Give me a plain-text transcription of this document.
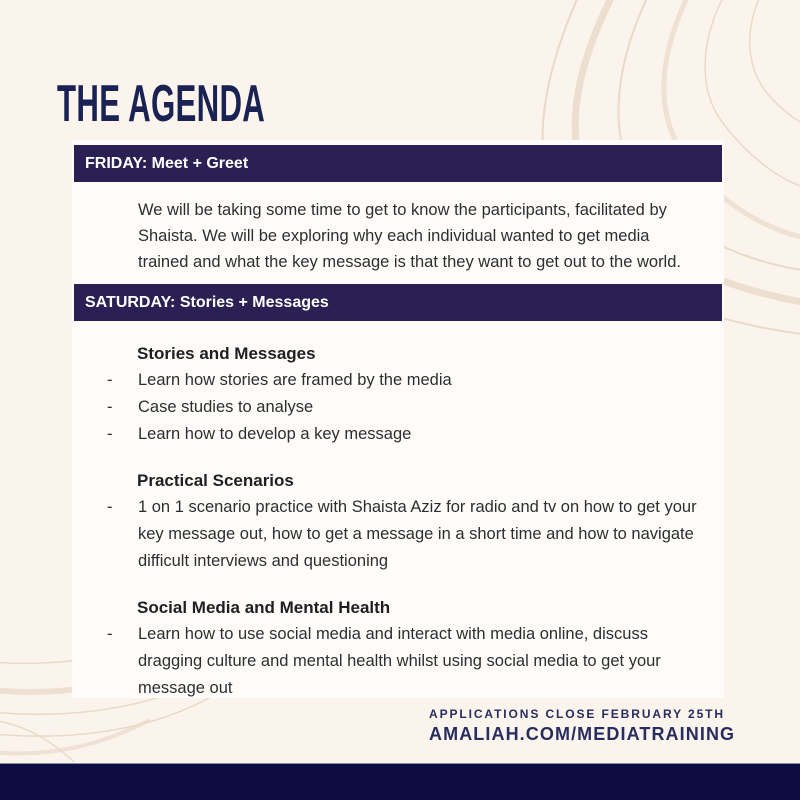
THE AGENDA
FRIDAY: Meet + Greet

We will be taking some time to get to know the participants, facilitated by Shaista. We will be exploring why each individual wanted to get media trained and what the key message is that they want to get out to the world.

SATURDAY: Stories + Messages
Stories and Messages
-	Learn how stories are framed by the media
-	Case studies to analyse
-	Learn how to develop a key message
Practical Scenarios
-	1 on 1 scenario practice with Shaista Aziz for radio and tv on how to get your key message out, how to get a message in a short time and how to navigate difficult interviews and questioning
Social Media and Mental Health
-	Learn how to use social media and interact with media online, discuss dragging culture and mental health whilst using social media to get your message out
APPLICATIONS CLOSE FEBRUARY 25TH
AMALIAH.COM/MEDIATRAINING
